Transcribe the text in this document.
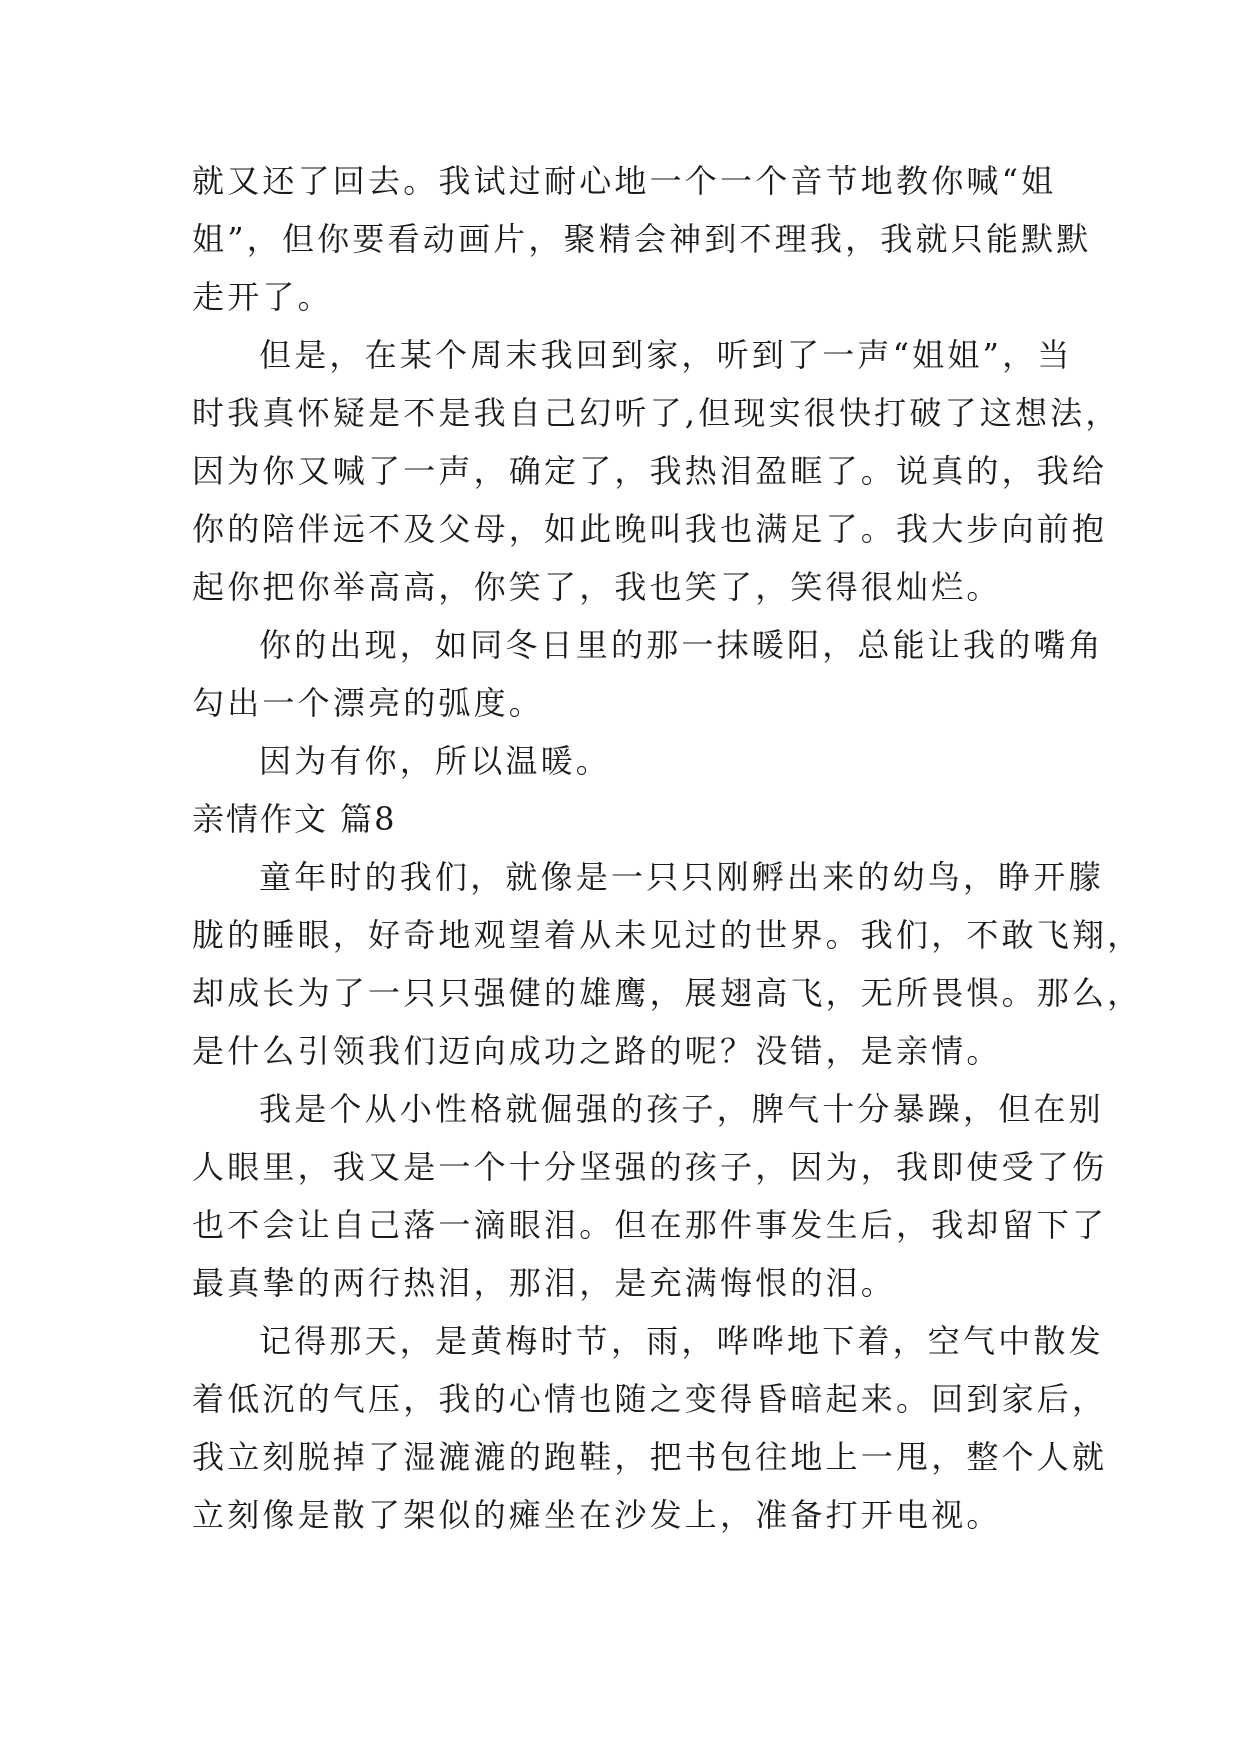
就又还了回去。我试过耐心地一个一个音节地教你喊“姐
姐”，但你要看动画片，聚精会神到不理我，我就只能默默
走开了。
但是，在某个周末我回到家，听到了一声“姐姐”，当
时我真怀疑是不是我自己幻听了,但现实很快打破了这想法，
因为你又喊了一声，确定了，我热泪盈眶了。说真的，我给
你的陪伴远不及父母，如此晚叫我也满足了。我大步向前抱
起你把你举高高，你笑了，我也笑了，笑得很灿烂。
你的出现，如同冬日里的那一抹暖阳，总能让我的嘴角
勾出一个漂亮的弧度。
因为有你，所以温暖。
亲情作文 篇8
童年时的我们，就像是一只只刚孵出来的幼鸟，睁开朦
胧的睡眼，好奇地观望着从未见过的世界。我们，不敢飞翔，
却成长为了一只只强健的雄鹰，展翅高飞，无所畏惧。那么，
是什么引领我们迈向成功之路的呢？没错，是亲情。
我是个从小性格就倔强的孩子，脾气十分暴躁，但在别
人眼里，我又是一个十分坚强的孩子，因为，我即使受了伤
也不会让自己落一滴眼泪。但在那件事发生后，我却留下了
最真挚的两行热泪，那泪，是充满悔恨的泪。
记得那天，是黄梅时节，雨，哗哗地下着，空气中散发
着低沉的气压，我的心情也随之变得昏暗起来。回到家后，
我立刻脱掉了湿漉漉的跑鞋，把书包往地上一甩，整个人就
立刻像是散了架似的瘫坐在沙发上，准备打开电视。
